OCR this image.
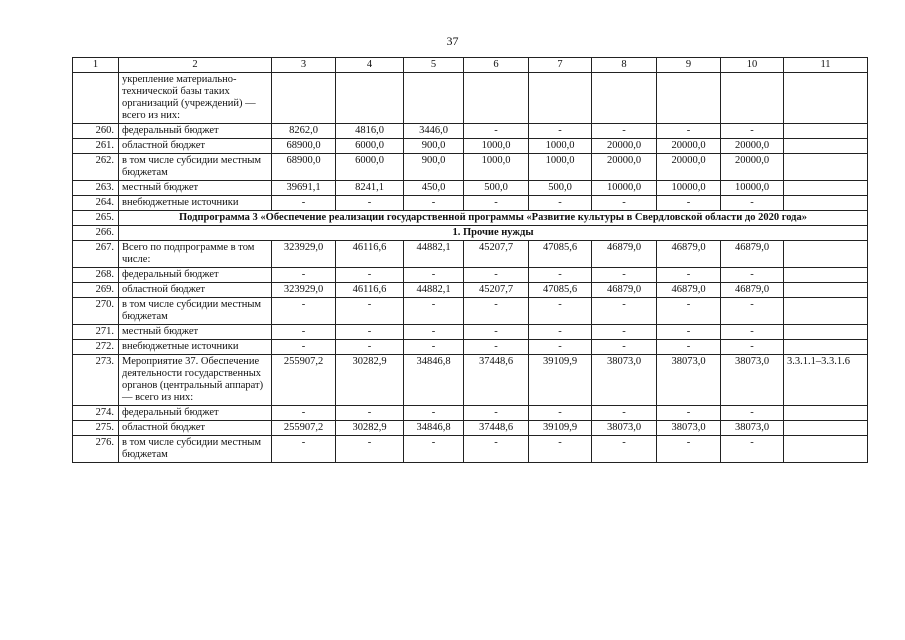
37
1	2	3	4	5	6	7	8	9	10	11
	укрепление материально-технической базы таких организаций (учреждений) — всего из них:									
260.	федеральный бюджет	8262,0	4816,0	3446,0	-	-	-	-	-	
261.	областной бюджет	68900,0	6000,0	900,0	1000,0	1000,0	20000,0	20000,0	20000,0	
262.	в том числе субсидии местным бюджетам	68900,0	6000,0	900,0	1000,0	1000,0	20000,0	20000,0	20000,0	
263.	местный бюджет	39691,1	8241,1	450,0	500,0	500,0	10000,0	10000,0	10000,0	
264.	внебюджетные источники	-	-	-	-	-	-	-	-	
265.	Подпрограмма 3 «Обеспечение реализации государственной программы «Развитие культуры в Свердловской области до 2020 года»									
266.	1. Прочие нужды									
267.	Всего по подпрограмме в том числе:	323929,0	46116,6	44882,1	45207,7	47085,6	46879,0	46879,0	46879,0	
268.	федеральный бюджет	-	-	-	-	-	-	-	-	
269.	областной бюджет	323929,0	46116,6	44882,1	45207,7	47085,6	46879,0	46879,0	46879,0	
270.	в том числе субсидии местным бюджетам	-	-	-	-	-	-	-	-	
271.	местный бюджет	-	-	-	-	-	-	-	-	
272.	внебюджетные источники	-	-	-	-	-	-	-	-	
273.	Мероприятие 37. Обеспечение деятельности государственных органов (центральный аппарат) — всего из них:	255907,2	30282,9	34846,8	37448,6	39109,9	38073,0	38073,0	38073,0	3.3.1.1–3.3.1.6
274.	федеральный бюджет	-	-	-	-	-	-	-	-	
275.	областной бюджет	255907,2	30282,9	34846,8	37448,6	39109,9	38073,0	38073,0	38073,0	
276.	в том числе субсидии местным бюджетам	-	-	-	-	-	-	-	-	
